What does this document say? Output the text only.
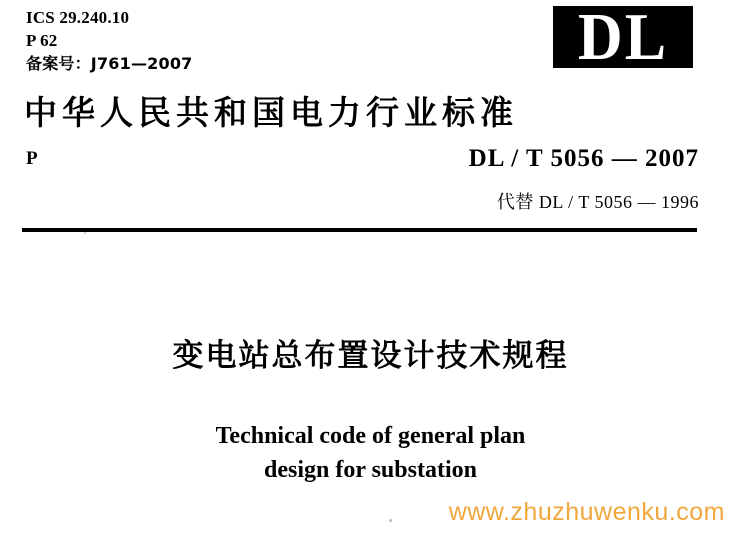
ICS 29.240.10
P 62
备案号：J761—2007	DL
中华人民共和国电力行业标准
P	DL / T 5056 — 2007
代替 DL / T 5056 — 1996
变电站总布置设计技术规程
Technical code of general plan
design for substation
www.zhuzhuwenku.com
